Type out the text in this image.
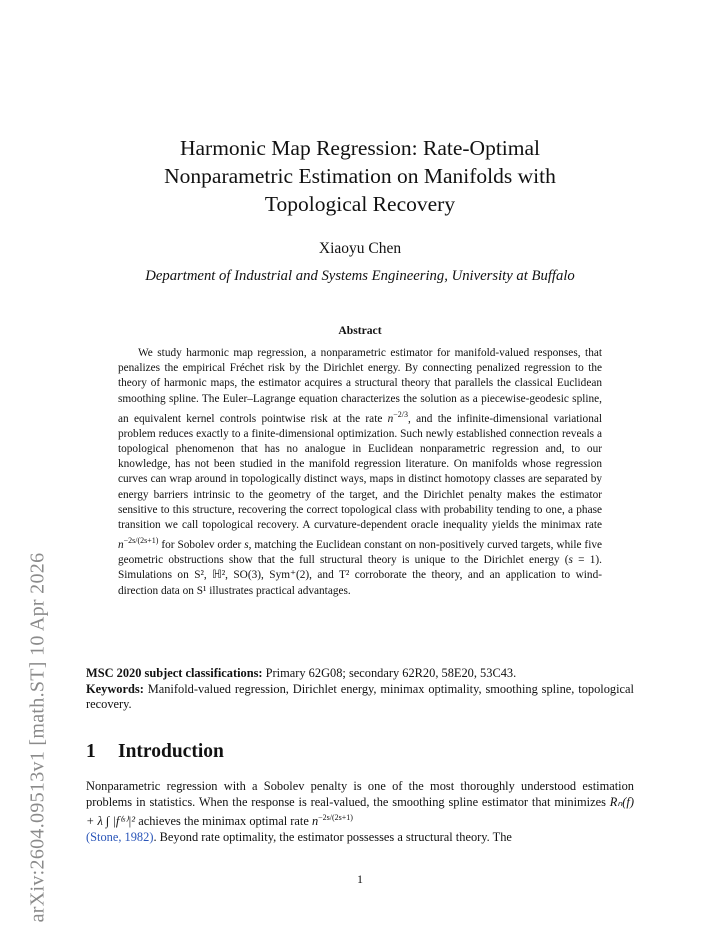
arXiv:2604.09513v1 [math.ST] 10 Apr 2026
Harmonic Map Regression: Rate-Optimal
Nonparametric Estimation on Manifolds with
Topological Recovery
Xiaoyu Chen
Department of Industrial and Systems Engineering, University at Buffalo
Abstract
We study harmonic map regression, a nonparametric estimator for manifold-valued responses, that penalizes the empirical Fréchet risk by the Dirichlet energy. By connecting penalized regression to the theory of harmonic maps, the estimator acquires a structural theory that parallels the classical Euclidean smoothing spline. The Euler–Lagrange equation characterizes the solution as a piecewise-geodesic spline, an equivalent kernel controls pointwise risk at the rate $n^{-2/3}$, and the infinite-dimensional variational problem reduces exactly to a finite-dimensional optimization. Such newly established connection reveals a topological phenomenon that has no analogue in Euclidean nonparametric regression and, to our knowledge, has not been studied in the manifold regression literature. On manifolds whose regression curves can wrap around in topologically distinct ways, maps in distinct homotopy classes are separated by energy barriers intrinsic to the geometry of the target, and the Dirichlet penalty makes the estimator sensitive to this structure, recovering the correct topological class with probability tending to one, a phase transition we call topological recovery. A curvature-dependent oracle inequality yields the minimax rate $n^{-2s/(2s+1)}$ for Sobolev order s, matching the Euclidean constant on non-positively curved targets, while five geometric obstructions show that the full structural theory is unique to the Dirichlet energy (s = 1). Simulations on S², ℍ², SO(3), Sym⁺(2), and T² corroborate the theory, and an application to wind-direction data on S¹ illustrates practical advantages.
MSC 2020 subject classifications: Primary 62G08; secondary 62R20, 58E20, 53C43.
Keywords: Manifold-valued regression, Dirichlet energy, minimax optimality, smoothing spline, topological recovery.
1 Introduction
Nonparametric regression with a Sobolev penalty is one of the most thoroughly understood estimation problems in statistics. When the response is real-valued, the smoothing spline estimator that minimizes Rₙ(f) + λ ∫ |f⁽ˢ⁾|² achieves the minimax optimal rate $n^{-2s/(2s+1)}$
(Stone, 1982). Beyond rate optimality, the estimator possesses a structural theory. The
1
